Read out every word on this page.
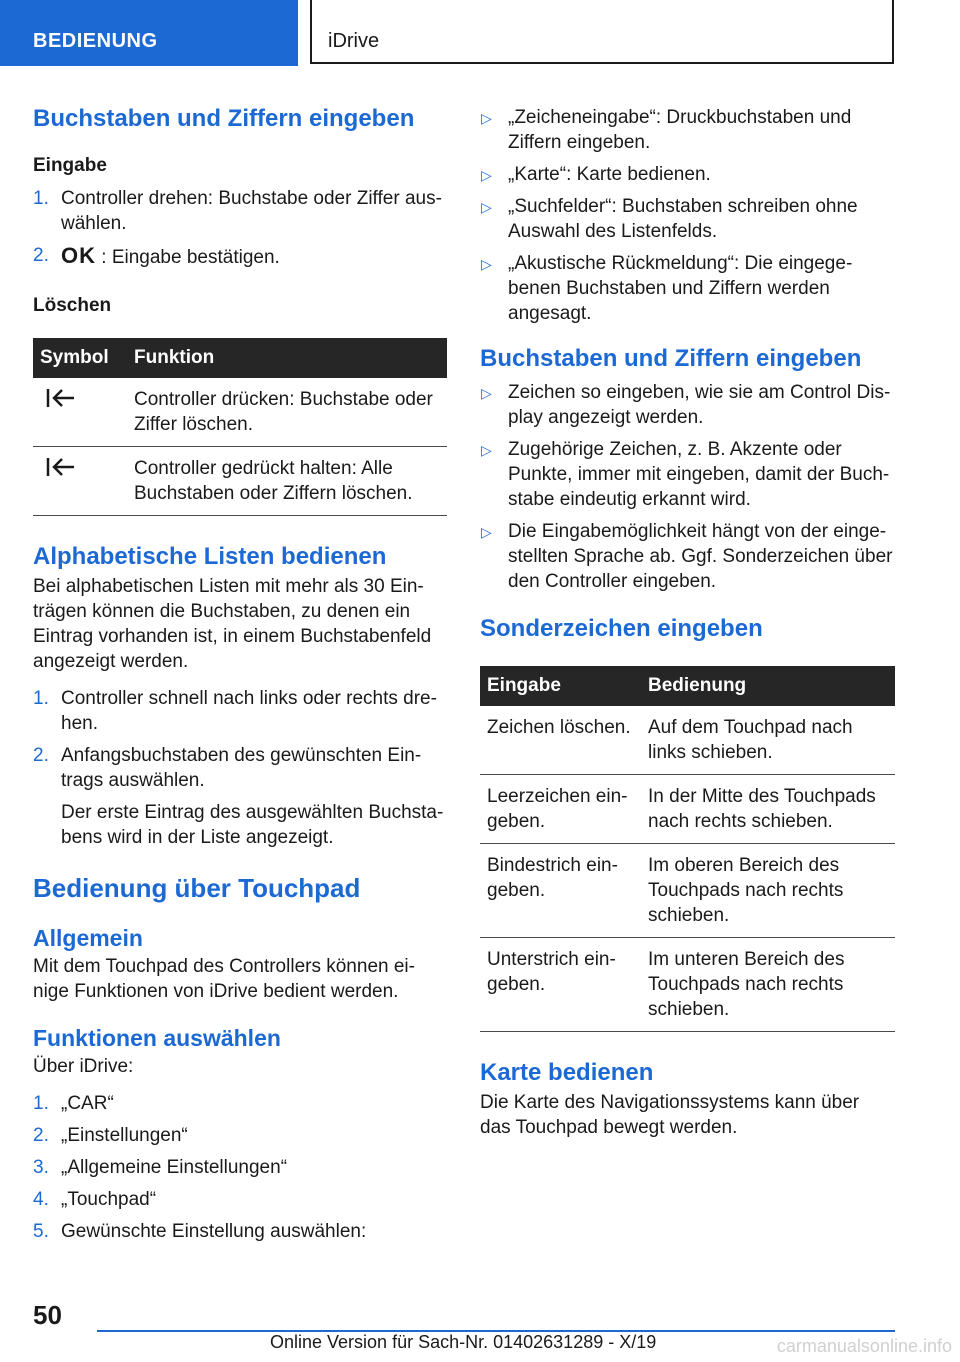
BEDIENUNG	iDrive
Buchstaben und Ziffern eingeben
Eingabe
1. Controller drehen: Buchstabe oder Ziffer aus-wählen.
2. OK : Eingabe bestätigen.
Löschen
Symbol	Funktion
	Controller drücken: Buchstabe oder Ziffer löschen.
	Controller gedrückt halten: Alle Buchstaben oder Ziffern löschen.
Alphabetische Listen bedienen

Bei alphabetischen Listen mit mehr als 30 Ein-trägen können die Buchstaben, zu denen ein Eintrag vorhanden ist, in einem Buchstabenfeld angezeigt werden.

1. Controller schnell nach links oder rechts dre-hen.
2. Anfangsbuchstaben des gewünschten Ein-trags auswählen.
Der erste Eintrag des ausgewählten Buchsta-bens wird in der Liste angezeigt.
Bedienung über Touchpad
Allgemein

Mit dem Touchpad des Controllers können ei-nige Funktionen von iDrive bedient werden.

Funktionen auswählen

Über iDrive:

1. „CAR“
2. „Einstellungen“
3. „Allgemeine Einstellungen“
4. „Touchpad“
5. Gewünschte Einstellung auswählen:
▷ „Zeicheneingabe“: Druckbuchstaben und Ziffern eingeben.
▷ „Karte“: Karte bedienen.
▷ „Suchfelder“: Buchstaben schreiben ohne Auswahl des Listenfelds.
▷ „Akustische Rückmeldung“: Die eingege-benen Buchstaben und Ziffern werden angesagt.
Buchstaben und Ziffern eingeben
▷ Zeichen so eingeben, wie sie am Control Dis-play angezeigt werden.
▷ Zugehörige Zeichen, z. B. Akzente oder Punkte, immer mit eingeben, damit der Buch-stabe eindeutig erkannt wird.
▷ Die Eingabemöglichkeit hängt von der einge-stellten Sprache ab. Ggf. Sonderzeichen über den Controller eingeben.
Sonderzeichen eingeben
Eingabe	Bedienung
Zeichen löschen.	Auf dem Touchpad nach links schieben.
Leerzeichen ein-geben.	In der Mitte des Touchpads nach rechts schieben.
Bindestrich ein-geben.	Im oberen Bereich des Touchpads nach rechts schieben.
Unterstrich ein-geben.	Im unteren Bereich des Touchpads nach rechts schieben.
Karte bedienen

Die Karte des Navigationssystems kann über das Touchpad bewegt werden.

50
Online Version für Sach-Nr. 01402631289 - X/19	carmanualsonline.info
